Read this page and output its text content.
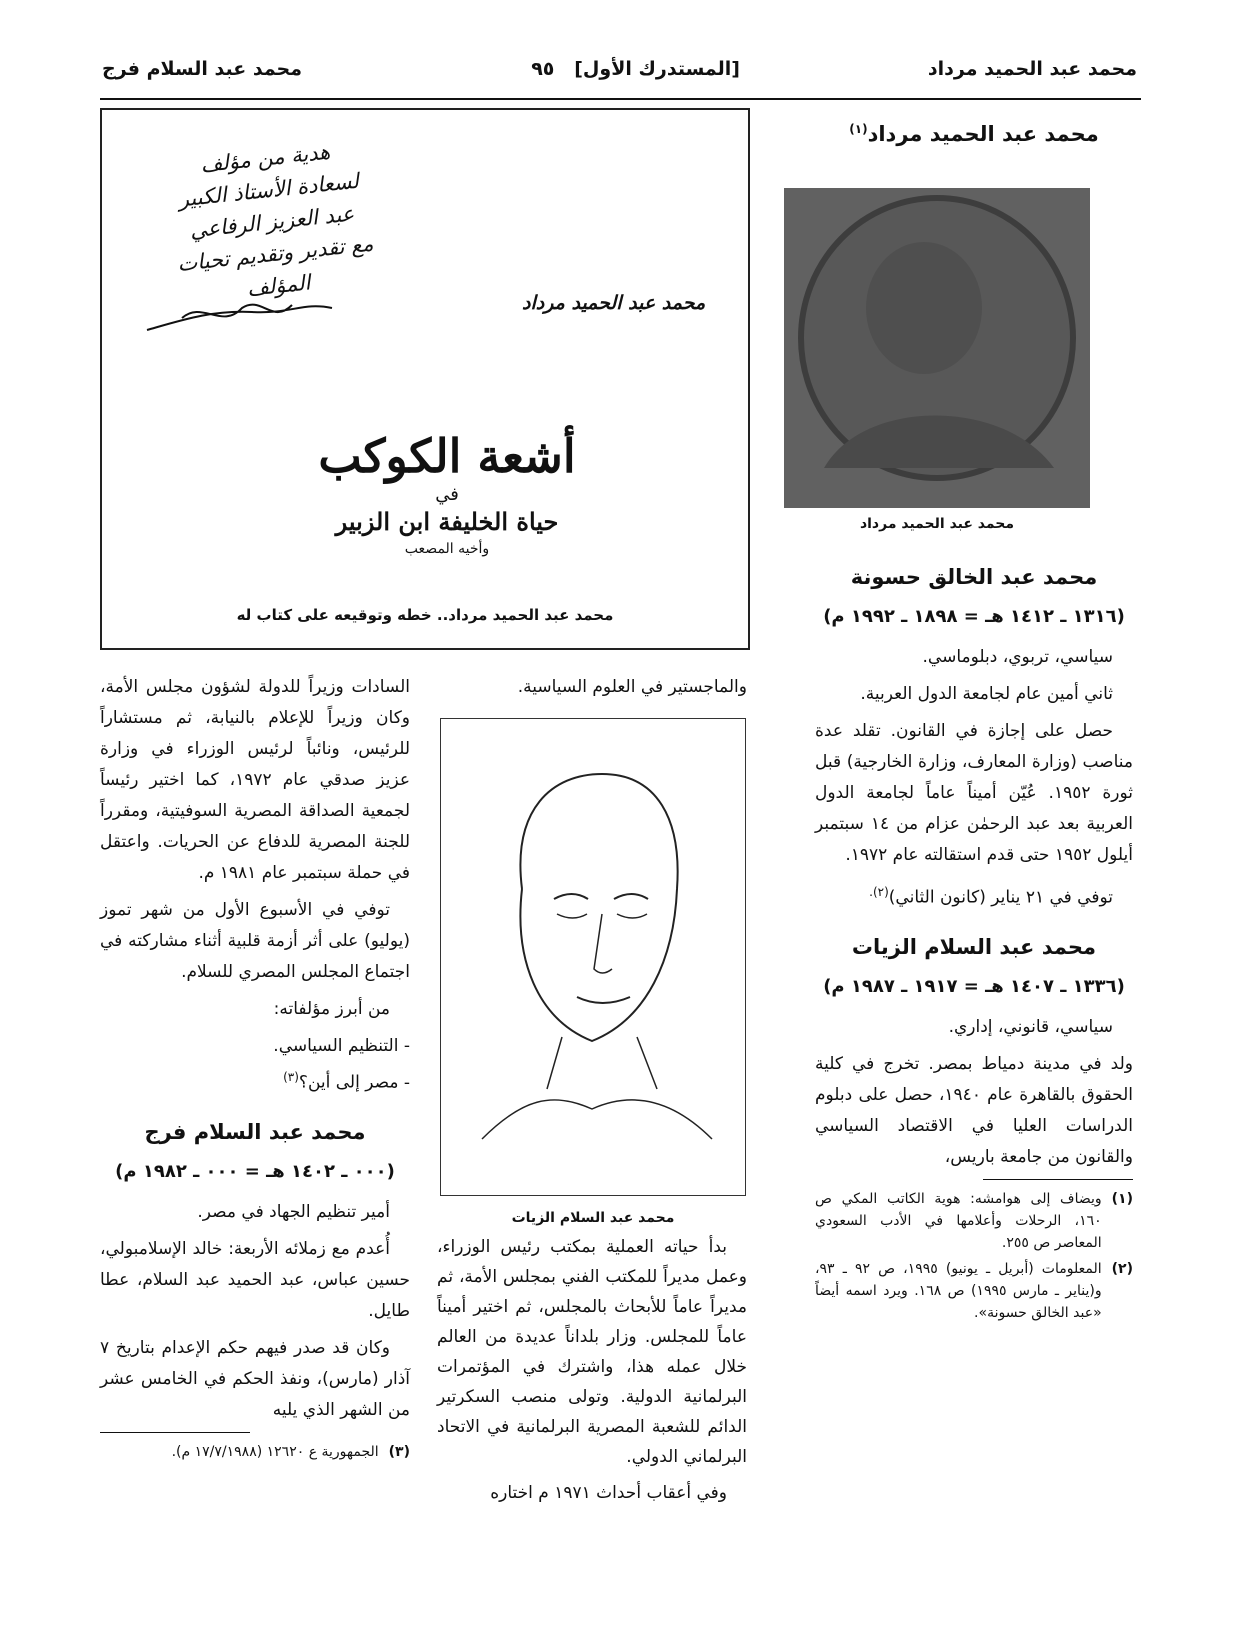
محمد عبد الحميد مرداد
[المستدرك الأول]   ٩٥
محمد عبد السلام فرج
هدية من مؤلف
لسعادة الأستاذ الكبير
عبد العزيز الرفاعي
مع تقدير وتقديم تحيات
المؤلف
محمد عبد الحميد مرداد
أشعة الكوكب
في
حياة الخليفة ابن الزبير
وأخيه المصعب
محمد عبد الحميد مرداد.. خطه وتوقيعه على كتاب له
محمد عبد الحميد مرداد$^{(١)}$
محمد عبد الحميد مرداد
محمد عبد الخالق حسونة
(١٣١٦ ـ ١٤١٢ هـ = ١٨٩٨ ـ ١٩٩٢ م)

سياسي، تربوي، دبلوماسي.

ثاني أمين عام لجامعة الدول العربية.

حصل على إجازة في القانون. تقلد عدة مناصب (وزارة المعارف، وزارة الخارجية) قبل ثورة ١٩٥٢. عُيّن أميناً عاماً لجامعة الدول العربية بعد عبد الرحمٰن عزام من ١٤ سبتمبر أيلول ١٩٥٢ حتى قدم استقالته عام ١٩٧٢.

توفي في ٢١ يناير (كانون الثاني)$^{(٢).}$

محمد عبد السلام الزيات
(١٣٣٦ ـ ١٤٠٧ هـ = ١٩١٧ ـ ١٩٨٧ م)

سياسي، قانوني، إداري.

ولد في مدينة دمياط بمصر. تخرج في كلية الحقوق بالقاهرة عام ١٩٤٠، حصل على دبلوم الدراسات العليا في الاقتصاد السياسي والقانون من جامعة باريس،

(١)
ويضاف إلى هوامشه: هوية الكاتب المكي ص ١٦٠، الرحلات وأعلامها في الأدب السعودي المعاصر ص ٢٥٥.
(٢)
المعلومات (أبريل ـ يونيو) ١٩٩٥، ص ٩٢ ـ ٩٣، و(يناير ـ مارس ١٩٩٥) ص ١٦٨. ويرد اسمه أيضاً «عبد الخالق حسونة».

والماجستير في العلوم السياسية.

محمد عبد السلام الزيات

بدأ حياته العملية بمكتب رئيس الوزراء، وعمل مديراً للمكتب الفني بمجلس الأمة، ثم مديراً عاماً للأبحاث بالمجلس، ثم اختير أميناً عاماً للمجلس. وزار بلداناً عديدة من العالم خلال عمله هذا، واشترك في المؤتمرات البرلمانية الدولية. وتولى منصب السكرتير الدائم للشعبة المصرية البرلمانية في الاتحاد البرلماني الدولي.

وفي أعقاب أحداث ١٩٧١ م اختاره

السادات وزيراً للدولة لشؤون مجلس الأمة، وكان وزيراً للإعلام بالنيابة، ثم مستشاراً للرئيس، ونائباً لرئيس الوزراء في وزارة عزيز صدقي عام ١٩٧٢، كما اختير رئيساً لجمعية الصداقة المصرية السوفيتية، ومقرراً للجنة المصرية للدفاع عن الحريات. واعتقل في حملة سبتمبر عام ١٩٨١ م.

توفي في الأسبوع الأول من شهر تموز (يوليو) على أثر أزمة قلبية أثناء مشاركته في اجتماع المجلس المصري للسلام.

من أبرز مؤلفاته:

- التنظيم السياسي.
- مصر إلى أين؟$^{(٣)}$
محمد عبد السلام فرج
(٠٠٠ ـ ١٤٠٢ هـ = ٠٠٠ ـ ١٩٨٢ م)

أمير تنظيم الجهاد في مصر.

أُعدم مع زملائه الأربعة: خالد الإسلامبولي، حسين عباس، عبد الحميد عبد السلام، عطا طايل.

وكان قد صدر فيهم حكم الإعدام بتاريخ ٧ آذار (مارس)، ونفذ الحكم في الخامس عشر من الشهر الذي يليه

(٣)
الجمهورية ع ١٢٦٢٠ (١٧/٧/١٩٨٨ م).
